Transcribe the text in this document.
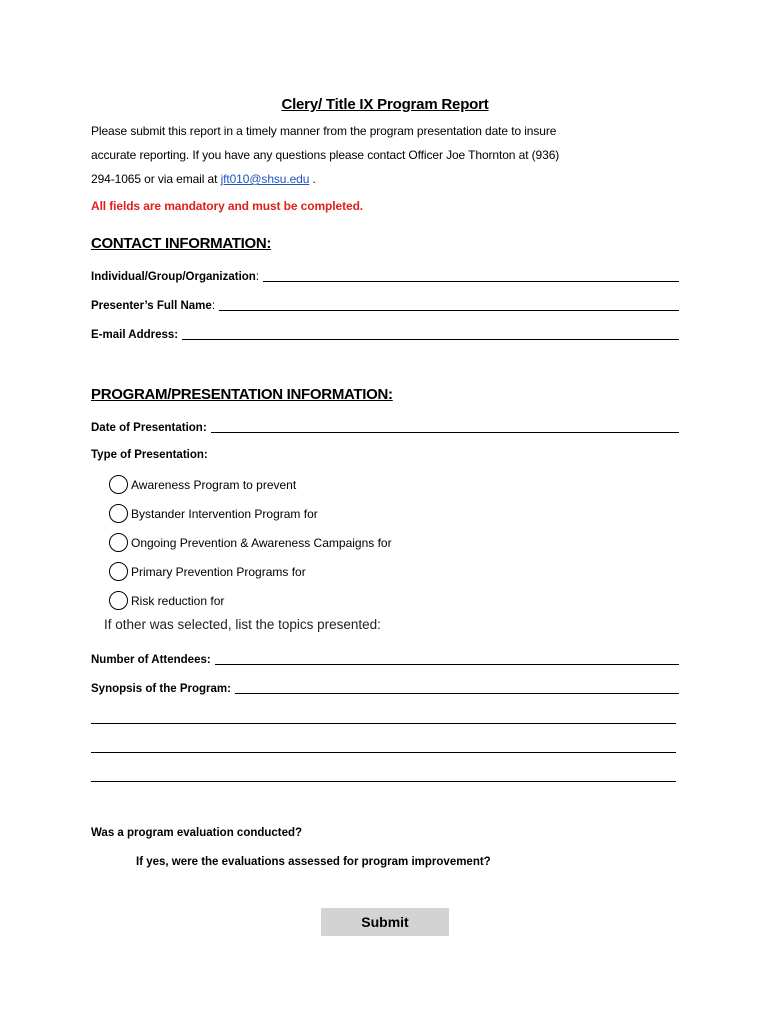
Clery/ Title IX Program Report
Please submit this report in a timely manner from the program presentation date to insure
accurate reporting. If you have any questions please contact Officer Joe Thornton at (936)
294-1065 or via email at jft010@shsu.edu .
All fields are mandatory and must be completed.
CONTACT INFORMATION:
Individual/Group/Organization:
Presenter’s Full Name:
E-mail Address:
PROGRAM/PRESENTATION INFORMATION:
Date of Presentation:
Type of Presentation:
Awareness Program to prevent
Bystander Intervention Program for
Ongoing Prevention & Awareness Campaigns for
Primary Prevention Programs for
Risk reduction for
If other was selected, list the topics presented:
Number of Attendees:
Synopsis of the Program:
Was a program evaluation conducted?
If yes, were the evaluations assessed for program improvement?
Submit
